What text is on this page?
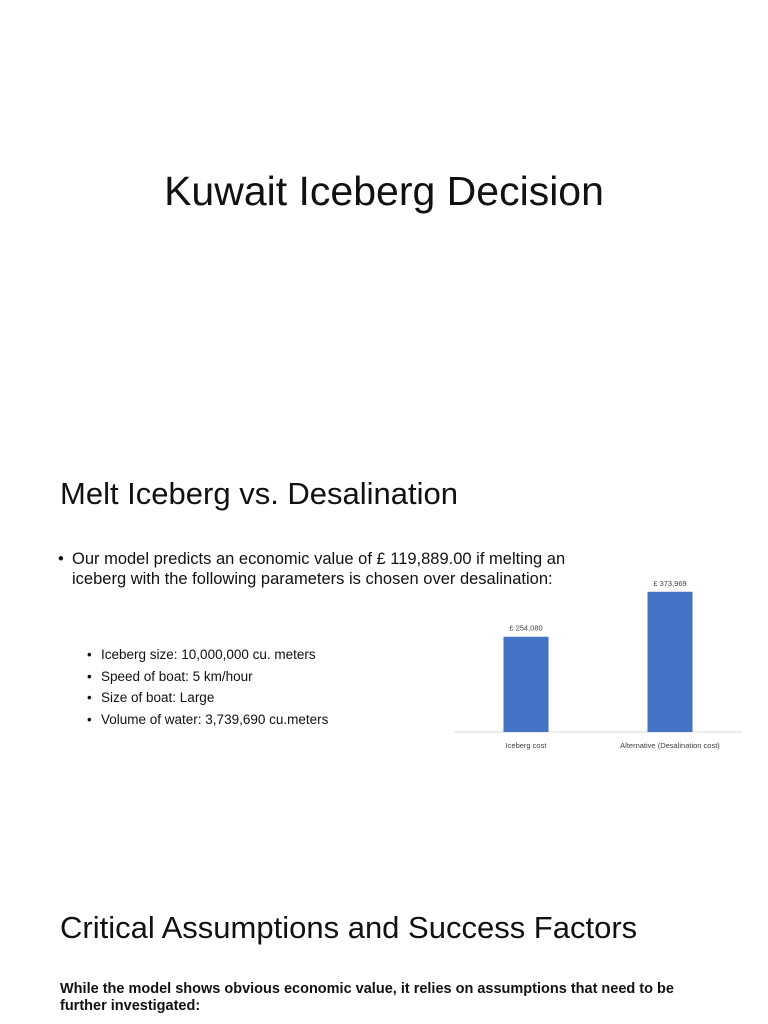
Kuwait Iceberg Decision
Melt Iceberg vs. Desalination
• Our model predicts an economic value of £ 119,889.00 if melting an iceberg with the following parameters is chosen over desalination:
• Iceberg size: 10,000,000 cu. meters
• Speed of boat: 5 km/hour
• Size of boat: Large
• Volume of water: 3,739,690 cu.meters
£ 254,080
£ 373,969
Iceberg cost	Alternative (Desalination cost)
Critical Assumptions and Success Factors
While the model shows obvious economic value, it relies on assumptions that need to be further investigated:
